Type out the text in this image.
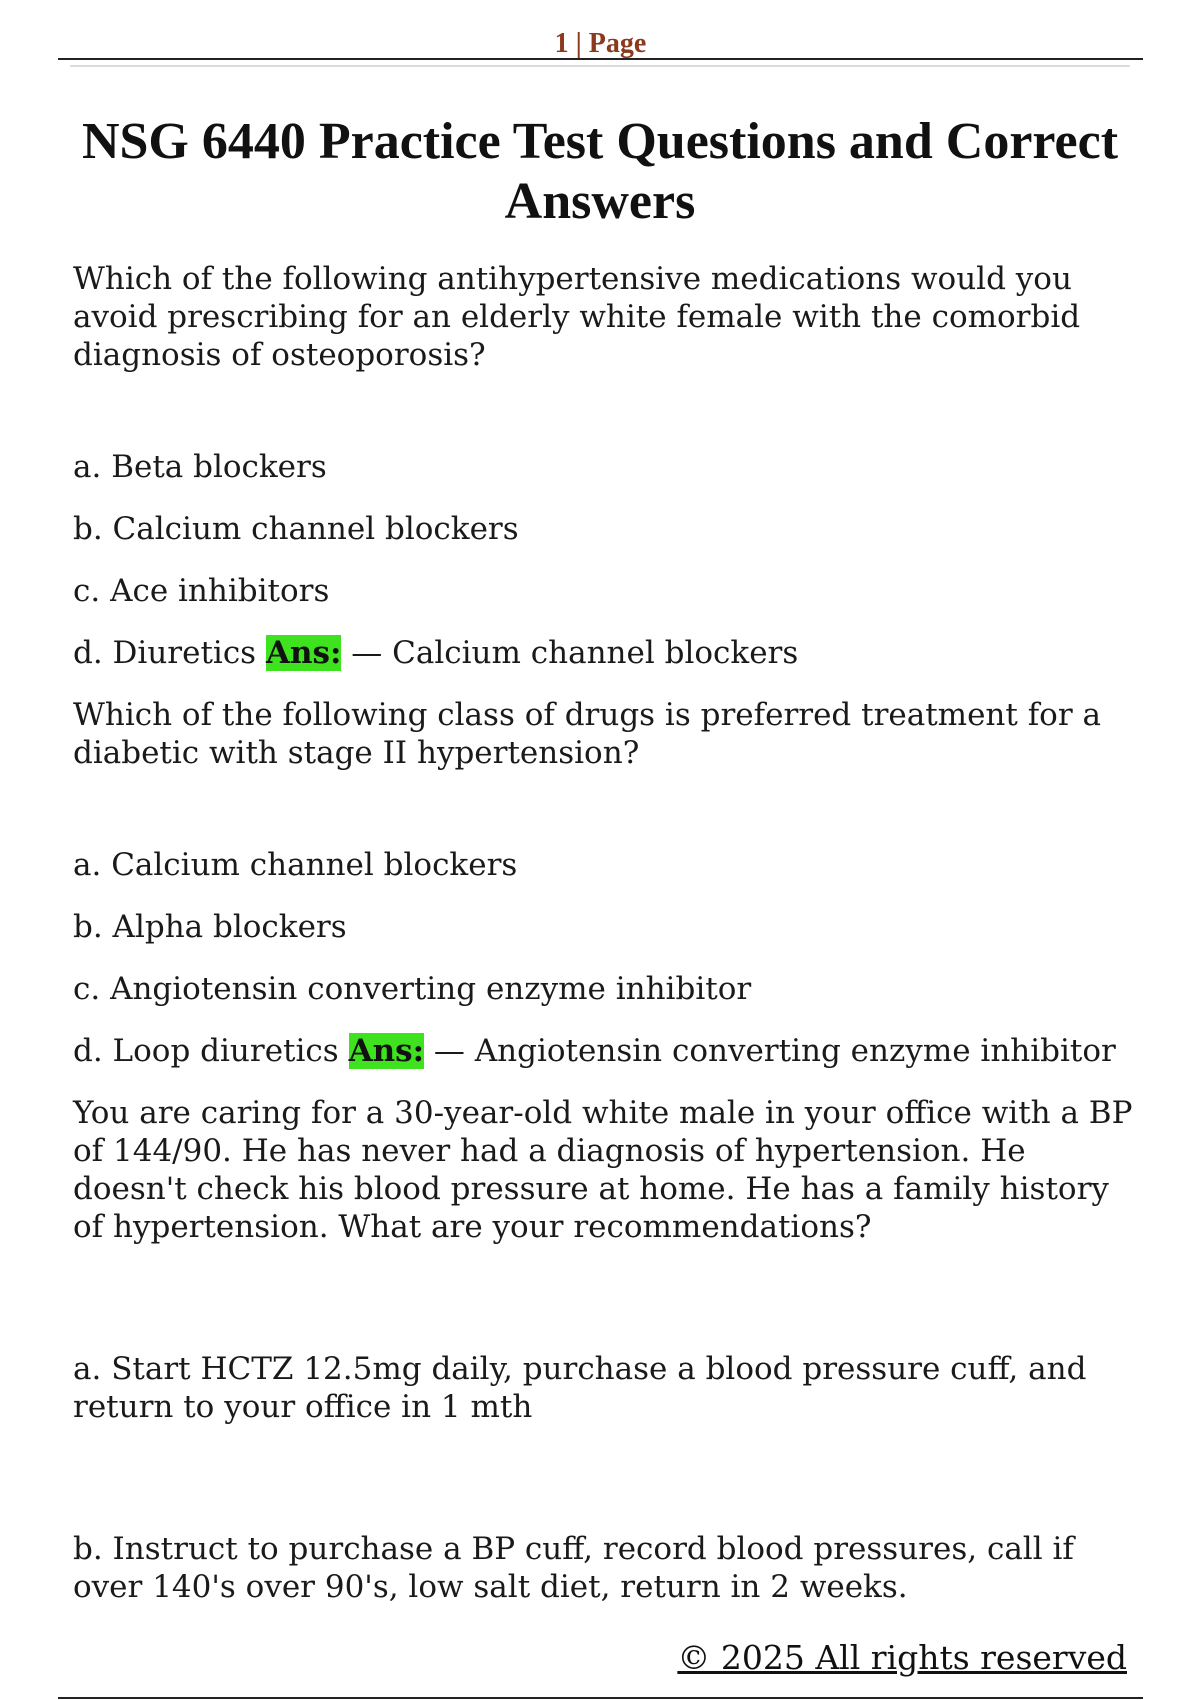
1 | Page
NSG 6440 Practice Test Questions and Correct Answers

Which of the following antihypertensive medications would you avoid prescribing for an elderly white female with the comorbid diagnosis of osteoporosis?

a. Beta blockers

b. Calcium channel blockers

c. Ace inhibitors

d. Diuretics Ans: — Calcium channel blockers

Which of the following class of drugs is preferred treatment for a diabetic with stage II hypertension?

a. Calcium channel blockers

b. Alpha blockers

c. Angiotensin converting enzyme inhibitor

d. Loop diuretics Ans: — Angiotensin converting enzyme inhibitor

You are caring for a 30-year-old white male in your office with a BP of 144/90. He has never had a diagnosis of hypertension. He doesn't check his blood pressure at home. He has a family history of hypertension. What are your recommendations?

a. Start HCTZ 12.5mg daily, purchase a blood pressure cuff, and return to your office in 1 mth

b. Instruct to purchase a BP cuff, record blood pressures, call if over 140's over 90's, low salt diet, return in 2 weeks.

© 2025 All rights reserved
